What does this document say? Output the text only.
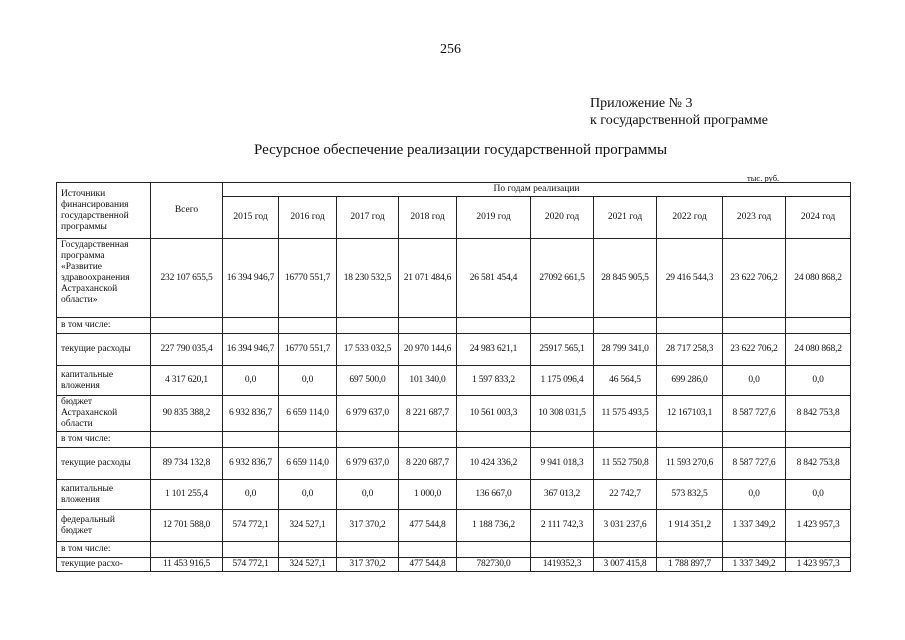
256
Приложение № 3
к государственной программе
Ресурсное обеспечение реализации государственной программы
тыс. руб.
Источники финансирования государственной программы	Всего	По годам реализации									
		2015 год	2016 год	2017 год	2018 год	2019 год	2020 год	2021 год	2022 год	2023 год	2024 год
Государственная программа «Развитие здравоохранения Астраханской области»	232 107 655,5	16 394 946,7	16770 551,7	18 230 532,5	21 071 484,6	26 581 454,4	27092 661,5	28 845 905,5	29 416 544,3	23 622 706,2	24 080 868,2
в том числе:											
текущие расходы	227 790 035,4	16 394 946,7	16770 551,7	17 533 032,5	20 970 144,6	24 983 621,1	25917 565,1	28 799 341,0	28 717 258,3	23 622 706,2	24 080 868,2
капитальные вложения	4 317 620,1	0,0	0,0	697 500,0	101 340,0	1 597 833,2	1 175 096,4	46 564,5	699 286,0	0,0	0,0
бюджет Астраханской области	90 835 388,2	6 932 836,7	6 659 114,0	6 979 637,0	8 221 687,7	10 561 003,3	10 308 031,5	11 575 493,5	12 167103,1	8 587 727,6	8 842 753,8
в том числе:											
текущие расходы	89 734 132,8	6 932 836,7	6 659 114,0	6 979 637,0	8 220 687,7	10 424 336,2	9 941 018,3	11 552 750,8	11 593 270,6	8 587 727,6	8 842 753,8
капитальные вложения	1 101 255,4	0,0	0,0	0,0	1 000,0	136 667,0	367 013,2	22 742,7	573 832,5	0,0	0,0
федеральный бюджет	12 701 588,0	574 772,1	324 527,1	317 370,2	477 544,8	1 188 736,2	2 111 742,3	3 031 237,6	1 914 351,2	1 337 349,2	1 423 957,3
в том числе:											
текущие расхо-	11 453 916,5	574 772,1	324 527,1	317 370,2	477 544,8	782730,0	1419352,3	3 007 415,8	1 788 897,7	1 337 349,2	1 423 957,3
